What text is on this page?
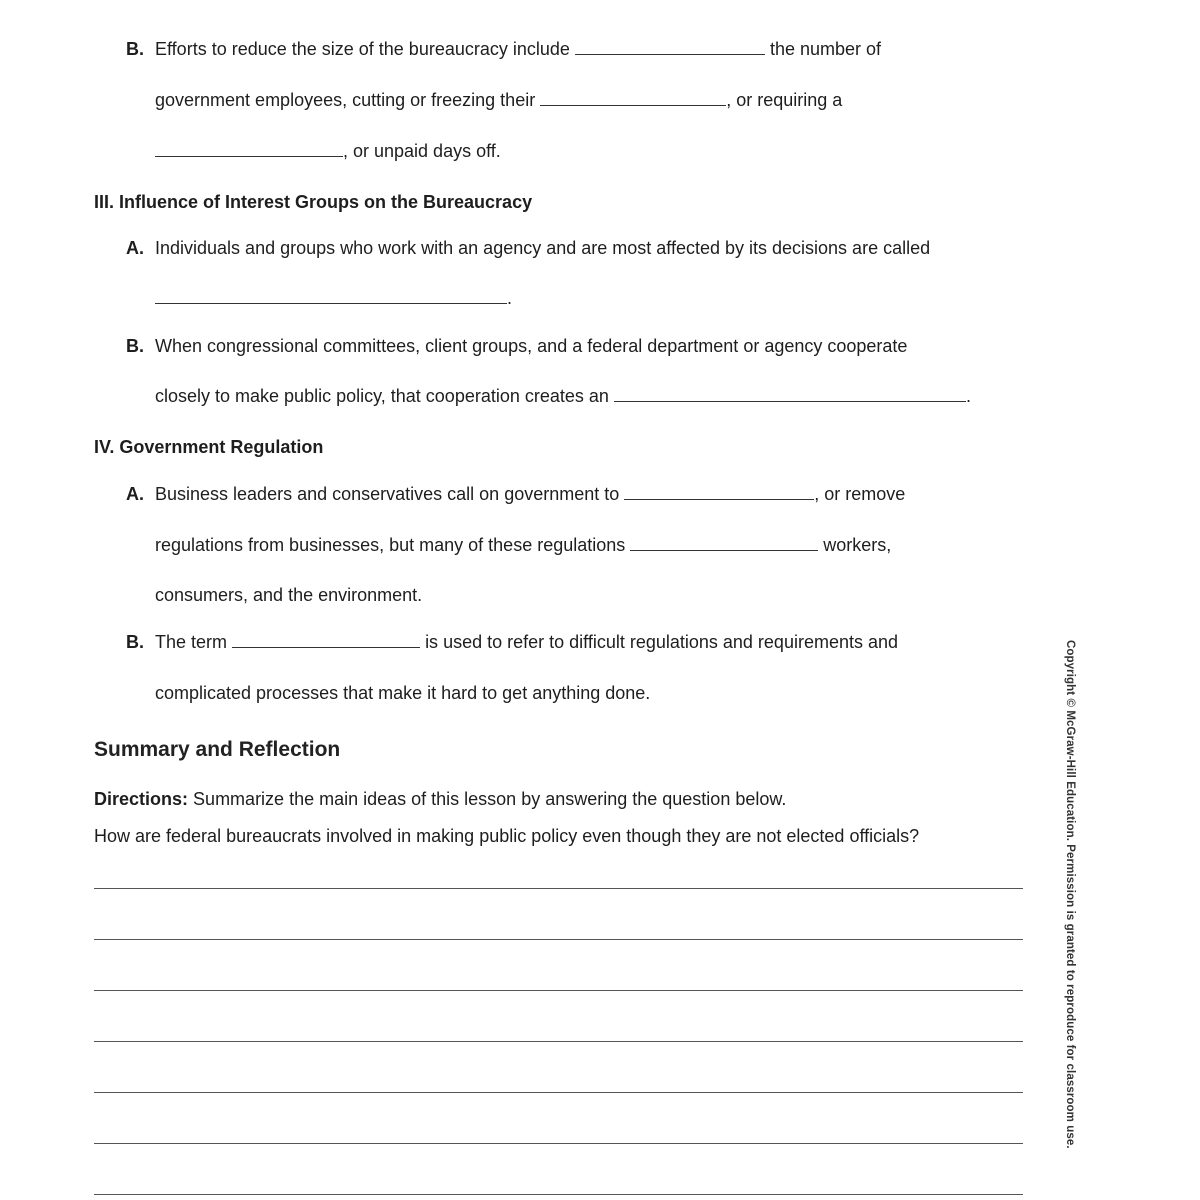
B. Efforts to reduce the size of the bureaucracy include	the number of
government employees, cutting or freezing their	, or requiring a
, or unpaid days off.
III. Influence of Interest Groups on the Bureaucracy
A. Individuals and groups who work with an agency and are most affected by its decisions are called
.
B. When congressional committees, client groups, and a federal department or agency cooperate
closely to make public policy, that cooperation creates an	.
IV. Government Regulation
A. Business leaders and conservatives call on government to	, or remove
regulations from businesses, but many of these regulations	workers,
consumers, and the environment.
B. The term	is used to refer to difficult regulations and requirements and
complicated processes that make it hard to get anything done.
Summary and Reflection
Directions: Summarize the main ideas of this lesson by answering the question below.
How are federal bureaucrats involved in making public policy even though they are not elected officials?	Copyright © McGraw-Hill Education. Permission is granted to reproduce for classroom use.
